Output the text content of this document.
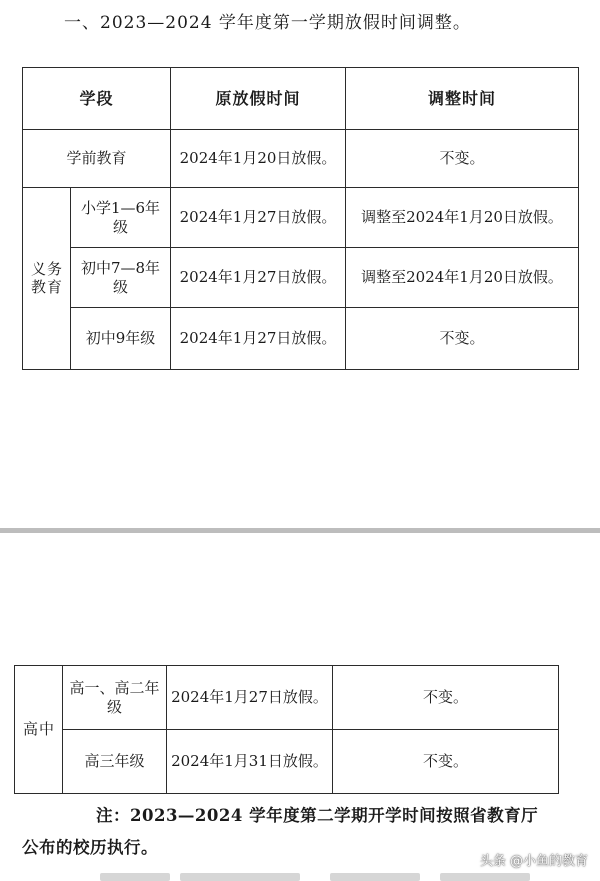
一、2023—2024 学年度第一学期放假时间调整。
学段		原放假时间	调整时间
学前教育		2024年1月20日放假。	不变。
义务教育	小学1—6年级	2024年1月27日放假。	调整至2024年1月20日放假。
	初中7—8年级	2024年1月27日放假。	调整至2024年1月20日放假。
	初中9年级	2024年1月27日放假。	不变。
高中	高一、高二年级	2024年1月27日放假。	不变。
	高三年级	2024年1月31日放假。	不变。
注：2023—2024 学年度第二学期开学时间按照省教育厅
公布的校历执行。
头条 @小鱼的教育
